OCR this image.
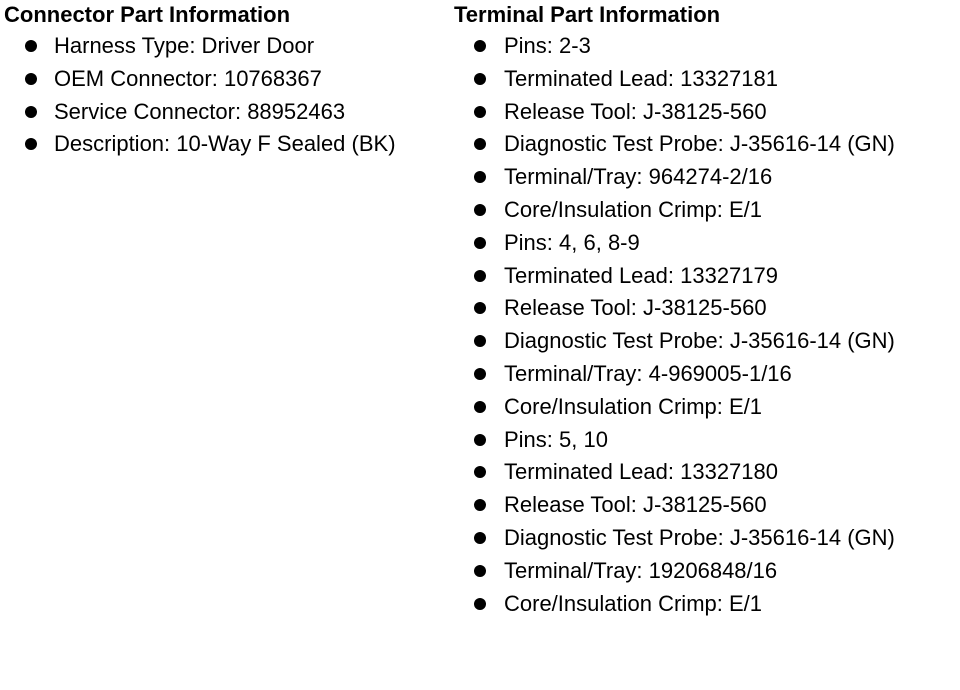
Connector Part Information
Harness Type: Driver Door
OEM Connector: 10768367
Service Connector: 88952463
Description: 10-Way F Sealed (BK)
Terminal Part Information
Pins: 2-3
Terminated Lead: 13327181
Release Tool: J-38125-560
Diagnostic Test Probe: J-35616-14 (GN)
Terminal/Tray: 964274-2/16
Core/Insulation Crimp: E/1
Pins: 4, 6, 8-9
Terminated Lead: 13327179
Release Tool: J-38125-560
Diagnostic Test Probe: J-35616-14 (GN)
Terminal/Tray: 4-969005-1/16
Core/Insulation Crimp: E/1
Pins: 5, 10
Terminated Lead: 13327180
Release Tool: J-38125-560
Diagnostic Test Probe: J-35616-14 (GN)
Terminal/Tray: 19206848/16
Core/Insulation Crimp: E/1
